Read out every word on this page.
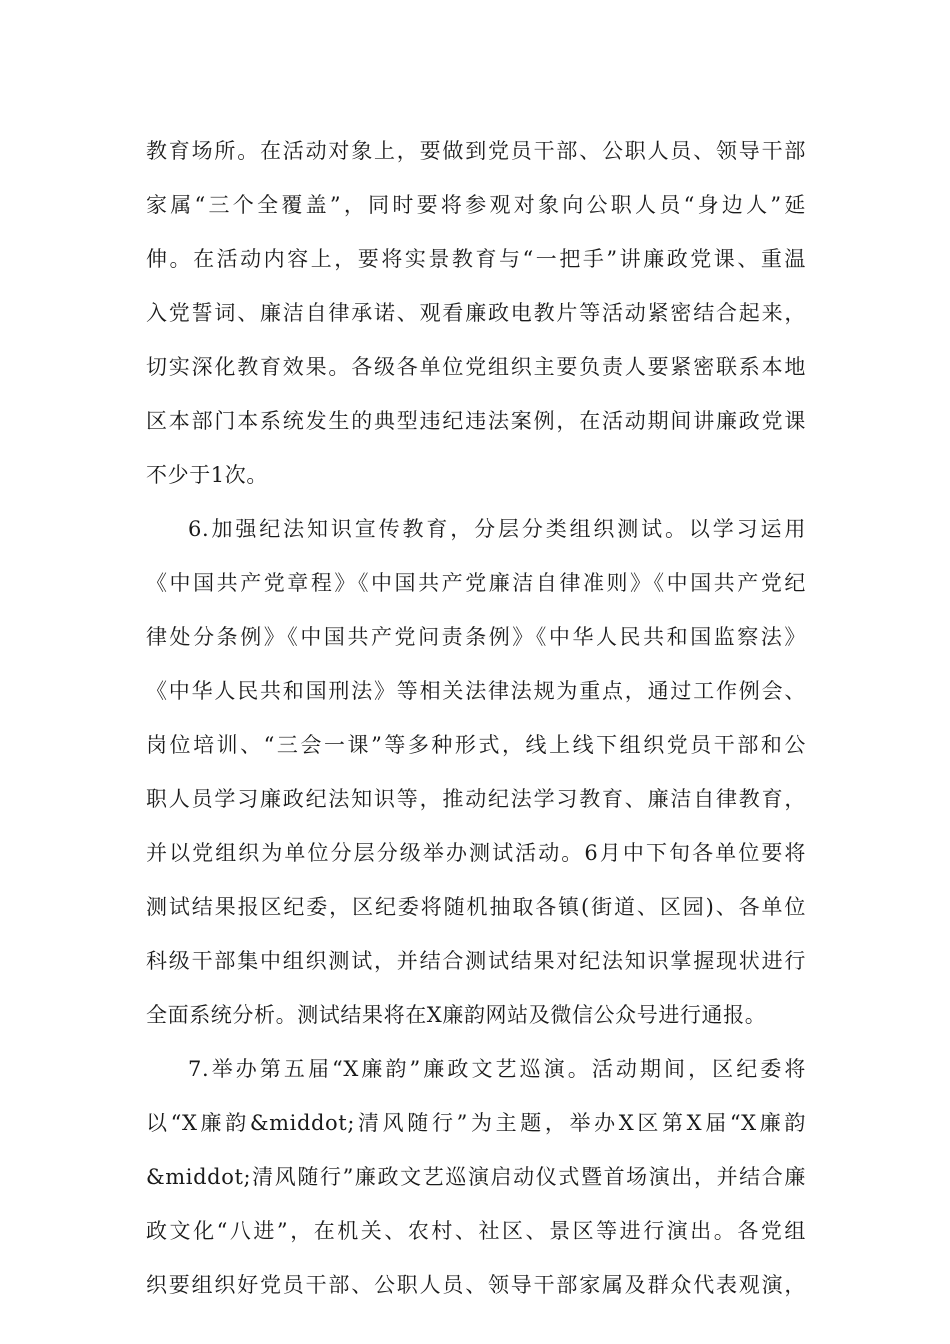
教育场所。在活动对象上，要做到党员干部、公职人员、领导干部
家属“三个全覆盖”，同时要将参观对象向公职人员“身边人”延
伸。在活动内容上，要将实景教育与“一把手”讲廉政党课、重温
入党誓词、廉洁自律承诺、观看廉政电教片等活动紧密结合起来，
切实深化教育效果。各级各单位党组织主要负责人要紧密联系本地
区本部门本系统发生的典型违纪违法案例，在活动期间讲廉政党课
不少于1次。
6.加强纪法知识宣传教育，分层分类组织测试。以学习运用
《中国共产党章程》《中国共产党廉洁自律准则》《中国共产党纪
律处分条例》《中国共产党问责条例》《中华人民共和国监察法》
《中华人民共和国刑法》等相关法律法规为重点，通过工作例会、
岗位培训、“三会一课”等多种形式，线上线下组织党员干部和公
职人员学习廉政纪法知识等，推动纪法学习教育、廉洁自律教育，
并以党组织为单位分层分级举办测试活动。6月中下旬各单位要将
测试结果报区纪委，区纪委将随机抽取各镇(街道、区园)、各单位
科级干部集中组织测试，并结合测试结果对纪法知识掌握现状进行
全面系统分析。测试结果将在X廉韵网站及微信公众号进行通报。
7.举办第五届“X廉韵”廉政文艺巡演。活动期间，区纪委将
以“X廉韵&middot;清风随行”为主题，举办X区第X届“X廉韵
&middot;清风随行”廉政文艺巡演启动仪式暨首场演出，并结合廉
政文化“八进”，在机关、农村、社区、景区等进行演出。各党组
织要组织好党员干部、公职人员、领导干部家属及群众代表观演，
